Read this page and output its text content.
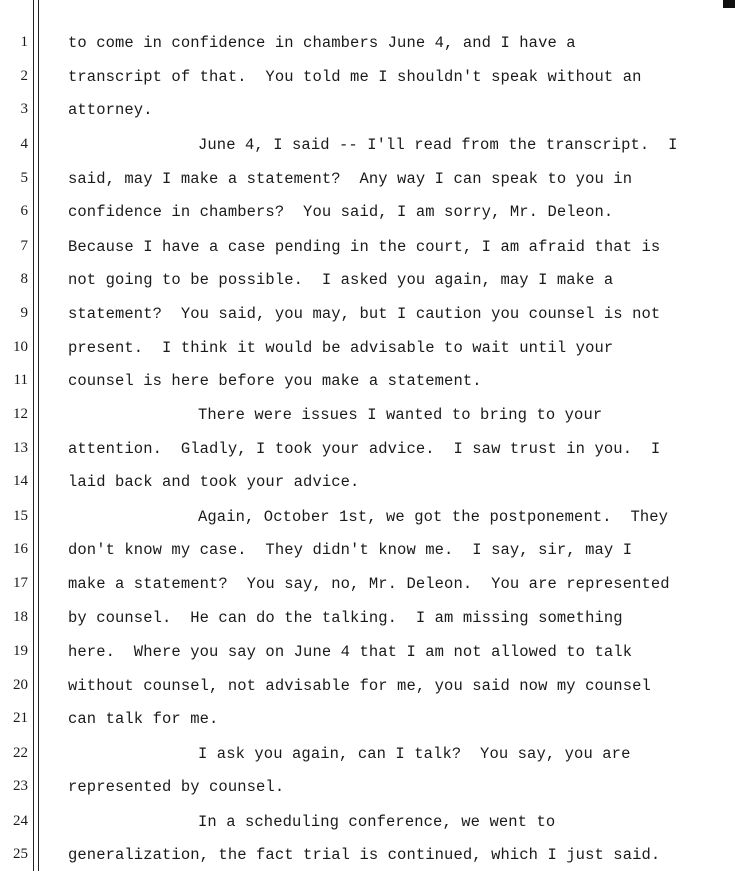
1	to come in confidence in chambers June 4, and I have a
2	transcript of that.  You told me I shouldn't speak without an
3	attorney.
4	June 4, I said -- I'll read from the transcript.  I
5	said, may I make a statement?  Any way I can speak to you in
6	confidence in chambers?  You said, I am sorry, Mr. Deleon.
7	Because I have a case pending in the court, I am afraid that is
8	not going to be possible.  I asked you again, may I make a
9	statement?  You said, you may, but I caution you counsel is not
10	present.  I think it would be advisable to wait until your
11	counsel is here before you make a statement.
12	There were issues I wanted to bring to your
13	attention.  Gladly, I took your advice.  I saw trust in you.  I
14	laid back and took your advice.
15	Again, October 1st, we got the postponement.  They
16	don't know my case.  They didn't know me.  I say, sir, may I
17	make a statement?  You say, no, Mr. Deleon.  You are represented
18	by counsel.  He can do the talking.  I am missing something
19	here.  Where you say on June 4 that I am not allowed to talk
20	without counsel, not advisable for me, you said now my counsel
21	can talk for me.
22	I ask you again, can I talk?  You say, you are
23	represented by counsel.
24	In a scheduling conference, we went to
25	generalization, the fact trial is continued, which I just said.
